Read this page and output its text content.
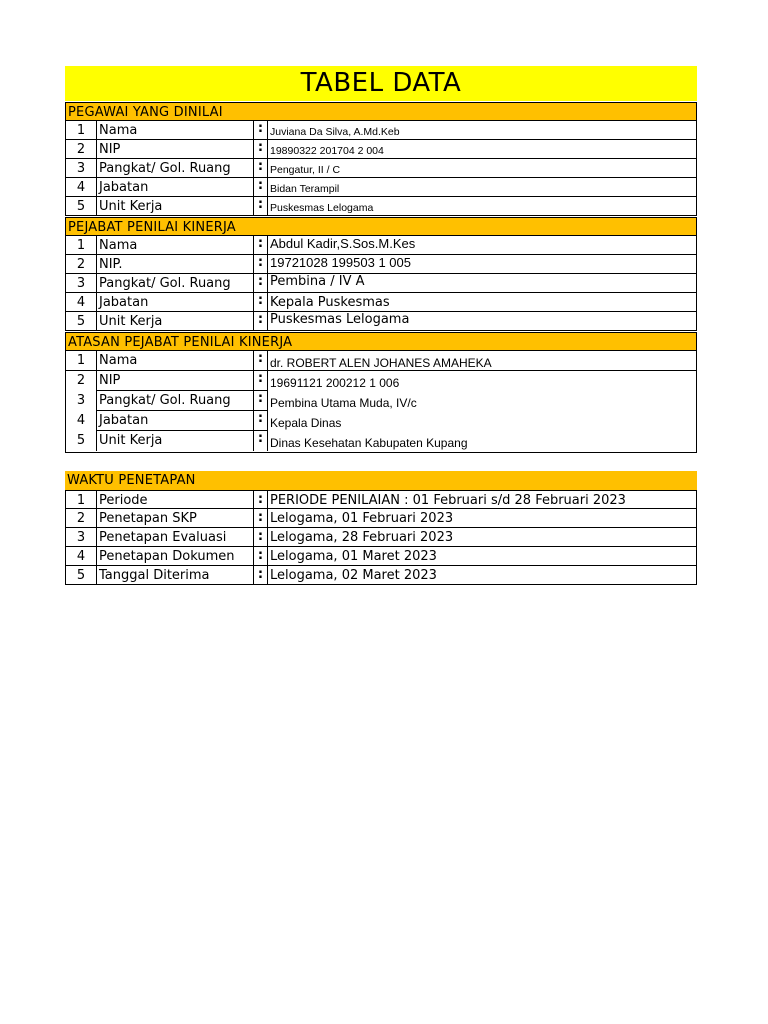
TABEL DATA
PEGAWAI YANG DINILAI
1	Nama	: Juviana Da Silva, A.Md.Keb
2	NIP	: 19890322 201704 2 004
3	Pangkat/ Gol. Ruang	: Pengatur, II / C
4	Jabatan	: Bidan Terampil
5	Unit Kerja	: Puskesmas Lelogama
PEJABAT PENILAI KINERJA
1	Nama	: Abdul Kadir,S.Sos.M.Kes
2	NIP.	: 19721028 199503 1 005
3	Pangkat/ Gol. Ruang	: Pembina / IV A
4	Jabatan	: Kepala Puskesmas
5	Unit Kerja	: Puskesmas Lelogama
ATASAN PEJABAT PENILAI KINERJA
1	Nama	: dr. ROBERT ALEN JOHANES AMAHEKA
2	NIP	: 19691121 200212 1 006
3	Pangkat/ Gol. Ruang	: Pembina Utama Muda, IV/c
4	Jabatan	: Kepala Dinas
5	Unit Kerja	: Dinas Kesehatan Kabupaten Kupang
WAKTU PENETAPAN
1	Periode	: PERIODE PENILAIAN : 01 Februari s/d 28 Februari 2023
2	Penetapan SKP	: Lelogama, 01 Februari 2023
3	Penetapan Evaluasi	: Lelogama, 28 Februari 2023
4	Penetapan Dokumen	: Lelogama, 01 Maret 2023
5	Tanggal Diterima	: Lelogama, 02 Maret 2023
